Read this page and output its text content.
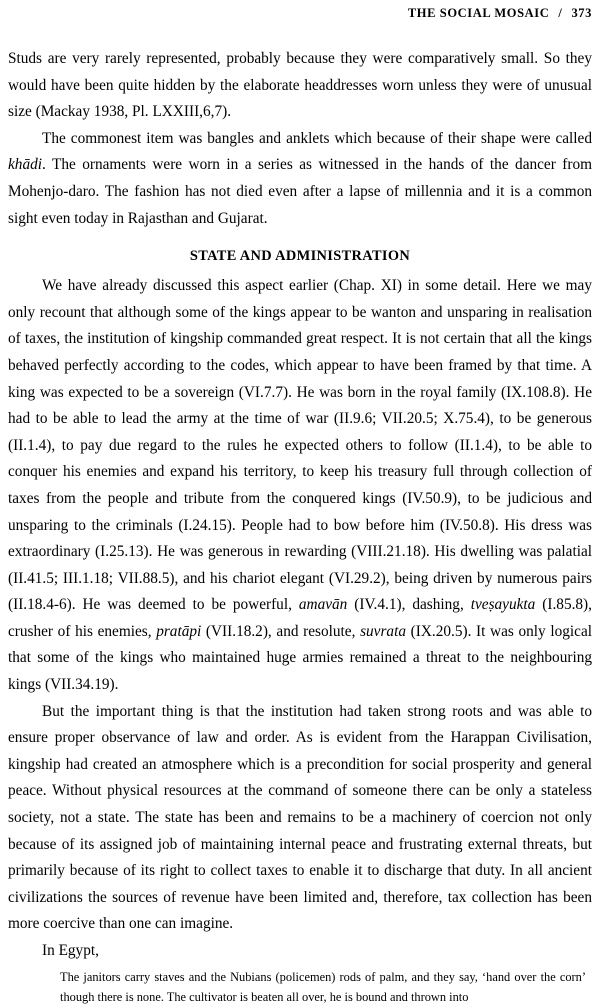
THE SOCIAL MOSAIC / 373

Studs are very rarely represented, probably because they were comparatively small. So they would have been quite hidden by the elaborate headdresses worn unless they were of unusual size (Mackay 1938, Pl. LXXIII,6,7).

The commonest item was bangles and anklets which because of their shape were called khādi. The ornaments were worn in a series as witnessed in the hands of the dancer from Mohenjo-daro. The fashion has not died even after a lapse of millennia and it is a common sight even today in Rajasthan and Gujarat.

STATE AND ADMINISTRATION

We have already discussed this aspect earlier (Chap. XI) in some detail. Here we may only recount that although some of the kings appear to be wanton and unsparing in realisation of taxes, the institution of kingship commanded great respect. It is not certain that all the kings behaved perfectly according to the codes, which appear to have been framed by that time. A king was expected to be a sovereign (VI.7.7). He was born in the royal family (IX.108.8). He had to be able to lead the army at the time of war (II.9.6; VII.20.5; X.75.4), to be generous (II.1.4), to pay due regard to the rules he expected others to follow (II.1.4), to be able to conquer his enemies and expand his territory, to keep his treasury full through collection of taxes from the people and tribute from the conquered kings (IV.50.9), to be judicious and unsparing to the criminals (I.24.15). People had to bow before him (IV.50.8). His dress was extraordinary (I.25.13). He was generous in rewarding (VIII.21.18). His dwelling was palatial (II.41.5; III.1.18; VII.88.5), and his chariot elegant (VI.29.2), being driven by numerous pairs (II.18.4-6). He was deemed to be powerful, amavān (IV.4.1), dashing, tveṣayukta (I.85.8), crusher of his enemies, pratāpi (VII.18.2), and resolute, suvrata (IX.20.5). It was only logical that some of the kings who maintained huge armies remained a threat to the neighbouring kings (VII.34.19).

But the important thing is that the institution had taken strong roots and was able to ensure proper observance of law and order. As is evident from the Harappan Civilisation, kingship had created an atmosphere which is a precondition for social prosperity and general peace. Without physical resources at the command of someone there can be only a stateless society, not a state. The state has been and remains to be a machinery of coercion not only because of its assigned job of maintaining internal peace and frustrating external threats, but primarily because of its right to collect taxes to enable it to discharge that duty. In all ancient civilizations the sources of revenue have been limited and, therefore, tax collection has been more coercive than one can imagine.

In Egypt,

The janitors carry staves and the Nubians (policemen) rods of palm, and they say, ‘hand over the corn’ though there is none. The cultivator is beaten all over, he is bound and thrown into
